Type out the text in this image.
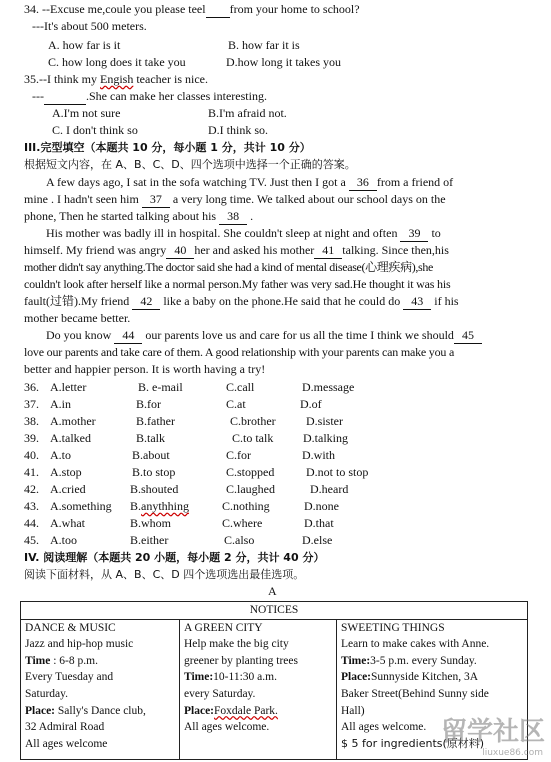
34. --Excuse me,coule you please teel from your home to school?
---It's about 500 meters.
A. how far is it	B. how far it is
C. how long does it take you	D.how long it takes you
35.--I think my Engish teacher is nice.
---	.She can make her classes interesting.
A.I'm not sure	B.I'm afraid not.
C. I don't think so	D.I think so.
III.完型填空（本题共 10 分，每小题 1 分，共计 10 分）
根据短文内容，在 A、B、C、D、四个选项中选择一个正确的答案。
A few days ago, I sat in the sofa watching TV. Just then I got a 36 from a friend of
mine . I hadn't seen him 37 a very long time. We talked about our school days on the
phone, Then he started talking about his 38 .
His mother was badly ill in hospital. She couldn't sleep at night and often 39 to
himself. My friend was angry 40 her and asked his mother 41 talking. Since then,his
mother didn't say anything.The doctor said she had a kind of mental disease(心理疾病),she
couldn't look after herself like a normal person.My father was very sad.He thought it was his
fault(过错).My friend 42 like a baby on the phone.He said that he could do 43 if his
mother became better.
Do you know 44 our parents love us and care for us all the time I think we should 45
love our parents and take care of them. A good relationship with your parents can make you a
better and happier person. It is worth having a try!
36. A.letter	B. e-mail	C.call	D.message
37. A.in	B.for	C.at	D.of
38. A.mother	B.father	C.brother	D.sister
39. A.talked	B.talk	C.to talk D.talking
40. A.to	B.about	C.for	D.with
41. A.stop	B.to stop	C.stopped	D.not to stop
42. A.cried	B.shouted	C.laughed	D.heard
43. A.something B.anythhing	C.nothing	D.none
44. A.what	B.whom	C.where	D.that
45. A.too	B.either	C.also	D.else
IV. 阅读理解（本题共 20 小题，每小题 2 分，共计 40 分）
阅读下面材料，从 A、B、C、D 四个选项选出最佳选项。
A
NOTICES

DANCE & MUSIC
Jazz and hip-hop music
Time : 6-8 p.m.
Every Tuesday and
Saturday.
Place: Sally's Dance club,
32 Admiral Road
All ages welcome

A GREEN CITY
Help make the big city
greener by planting trees
Time:10-11:30 a.m.
every Saturday.
Place:Foxdale Park.
All ages welcome.

SWEETING THINGS
Learn to make cakes with Anne.
Time:3-5 p.m. every Sunday.
Place:Sunnyside Kitchen, 3A
Baker Street(Behind Sunny side
Hall)
All ages welcome.
$ 5 for ingredients(原材料)
留学社区
liuxue86.com
